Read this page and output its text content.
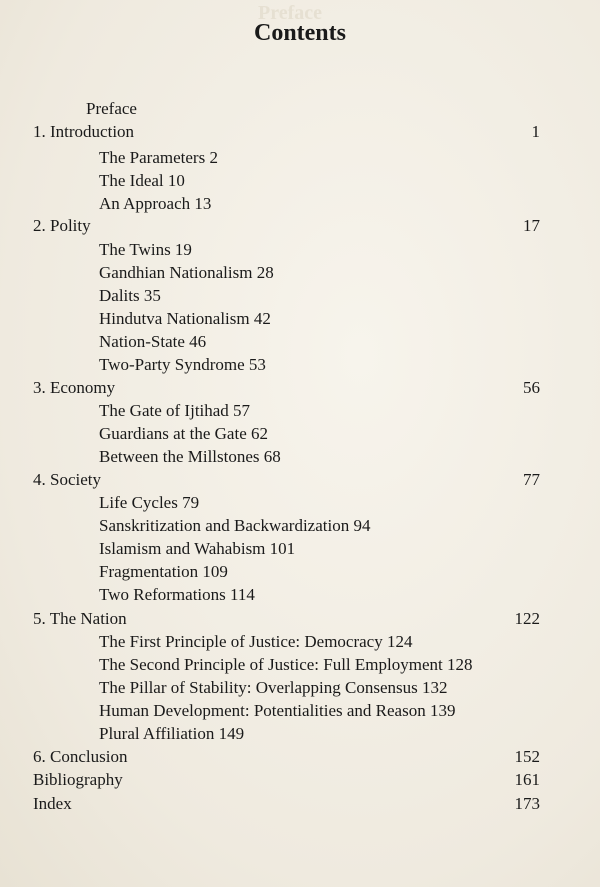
Preface
Contents
Preface
1. Introduction	1
The Parameters 2
The Ideal 10
An Approach 13
2. Polity	17
The Twins 19
Gandhian Nationalism 28
Dalits 35
Hindutva Nationalism 42
Nation-State 46
Two-Party Syndrome 53
3. Economy	56
The Gate of Ijtihad 57
Guardians at the Gate 62
Between the Millstones 68
4. Society	77
Life Cycles 79
Sanskritization and Backwardization 94
Islamism and Wahabism 101
Fragmentation 109
Two Reformations 114
5. The Nation	122
The First Principle of Justice: Democracy 124
The Second Principle of Justice: Full Employment 128
The Pillar of Stability: Overlapping Consensus 132
Human Development: Potentialities and Reason 139
Plural Affiliation 149
6. Conclusion	152
Bibliography	161
Index	173
